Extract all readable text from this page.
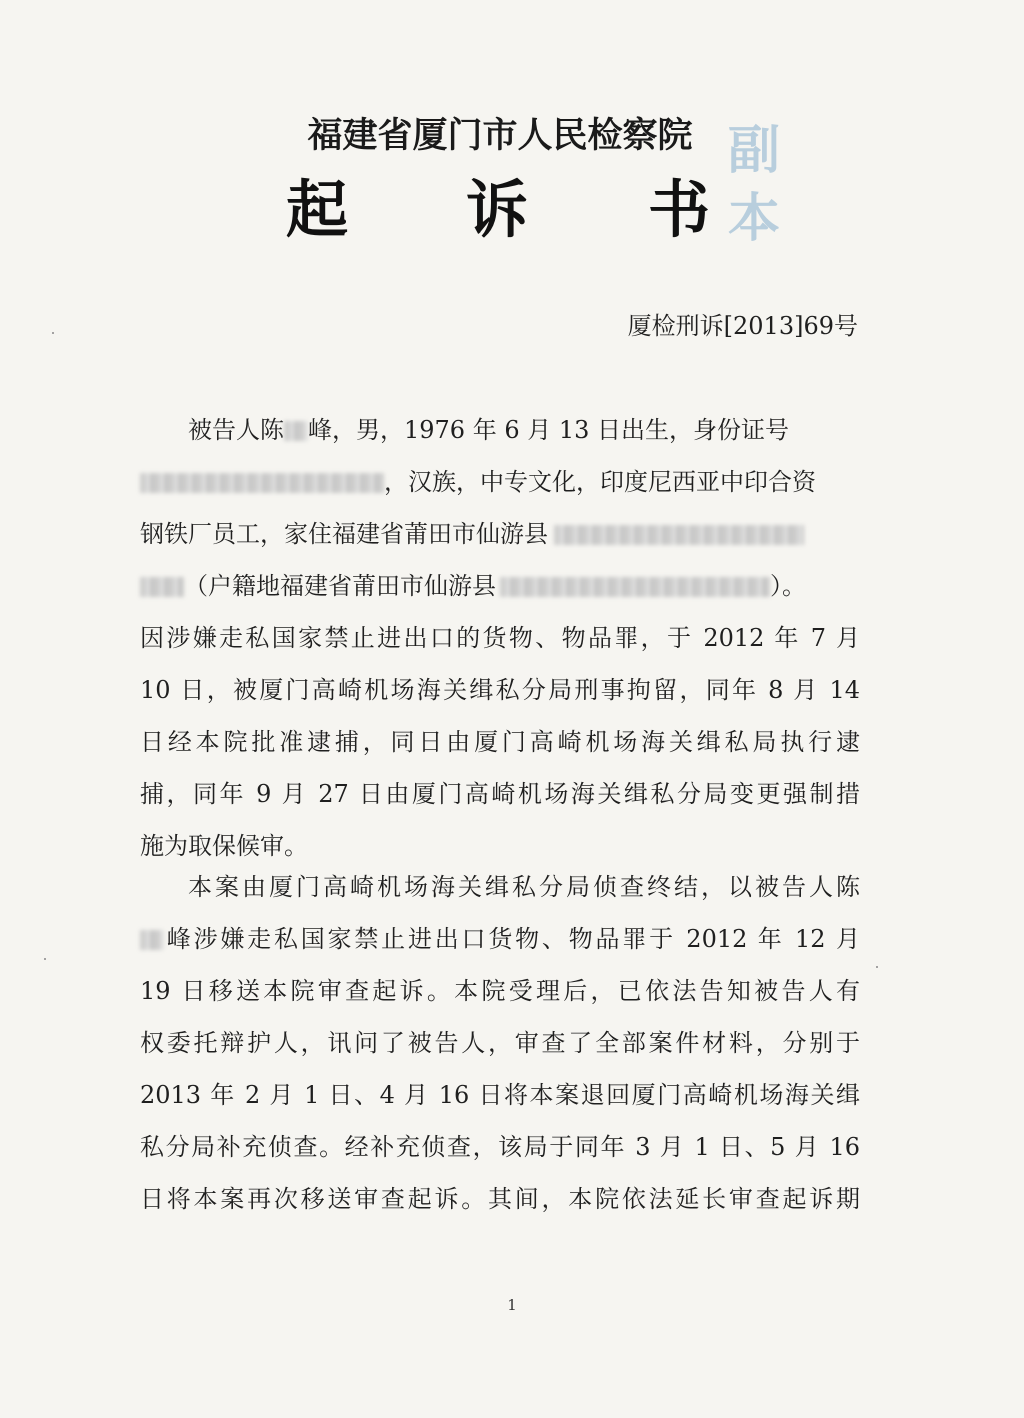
副
本
福建省厦门市人民检察院
起 诉 书
厦检刑诉[2013]69号
被告人陈 峰，男，1976 年 6 月 13 日出生，身份证号
，汉族，中专文化，印度尼西亚中印合资
钢铁厂员工，家住福建省莆田市仙游县
（户籍地福建省莆田市仙游县	）。
因涉嫌走私国家禁止进出口的货物、物品罪，于 2012 年 7 月
10 日，被厦门高崎机场海关缉私分局刑事拘留，同年 8 月 14
日经本院批准逮捕，同日由厦门高崎机场海关缉私局执行逮
捕，同年 9 月 27 日由厦门高崎机场海关缉私分局变更强制措
施为取保候审。
本案由厦门高崎机场海关缉私分局侦查终结，以被告人陈
峰涉嫌走私国家禁止进出口货物、物品罪于 2012 年 12 月
19 日移送本院审查起诉。本院受理后，已依法告知被告人有
权委托辩护人，讯问了被告人，审查了全部案件材料，分别于
2013 年 2 月 1 日、4 月 16 日将本案退回厦门高崎机场海关缉
私分局补充侦查。经补充侦查，该局于同年 3 月 1 日、5 月 16
日将本案再次移送审查起诉。其间，本院依法延长审查起诉期
1
